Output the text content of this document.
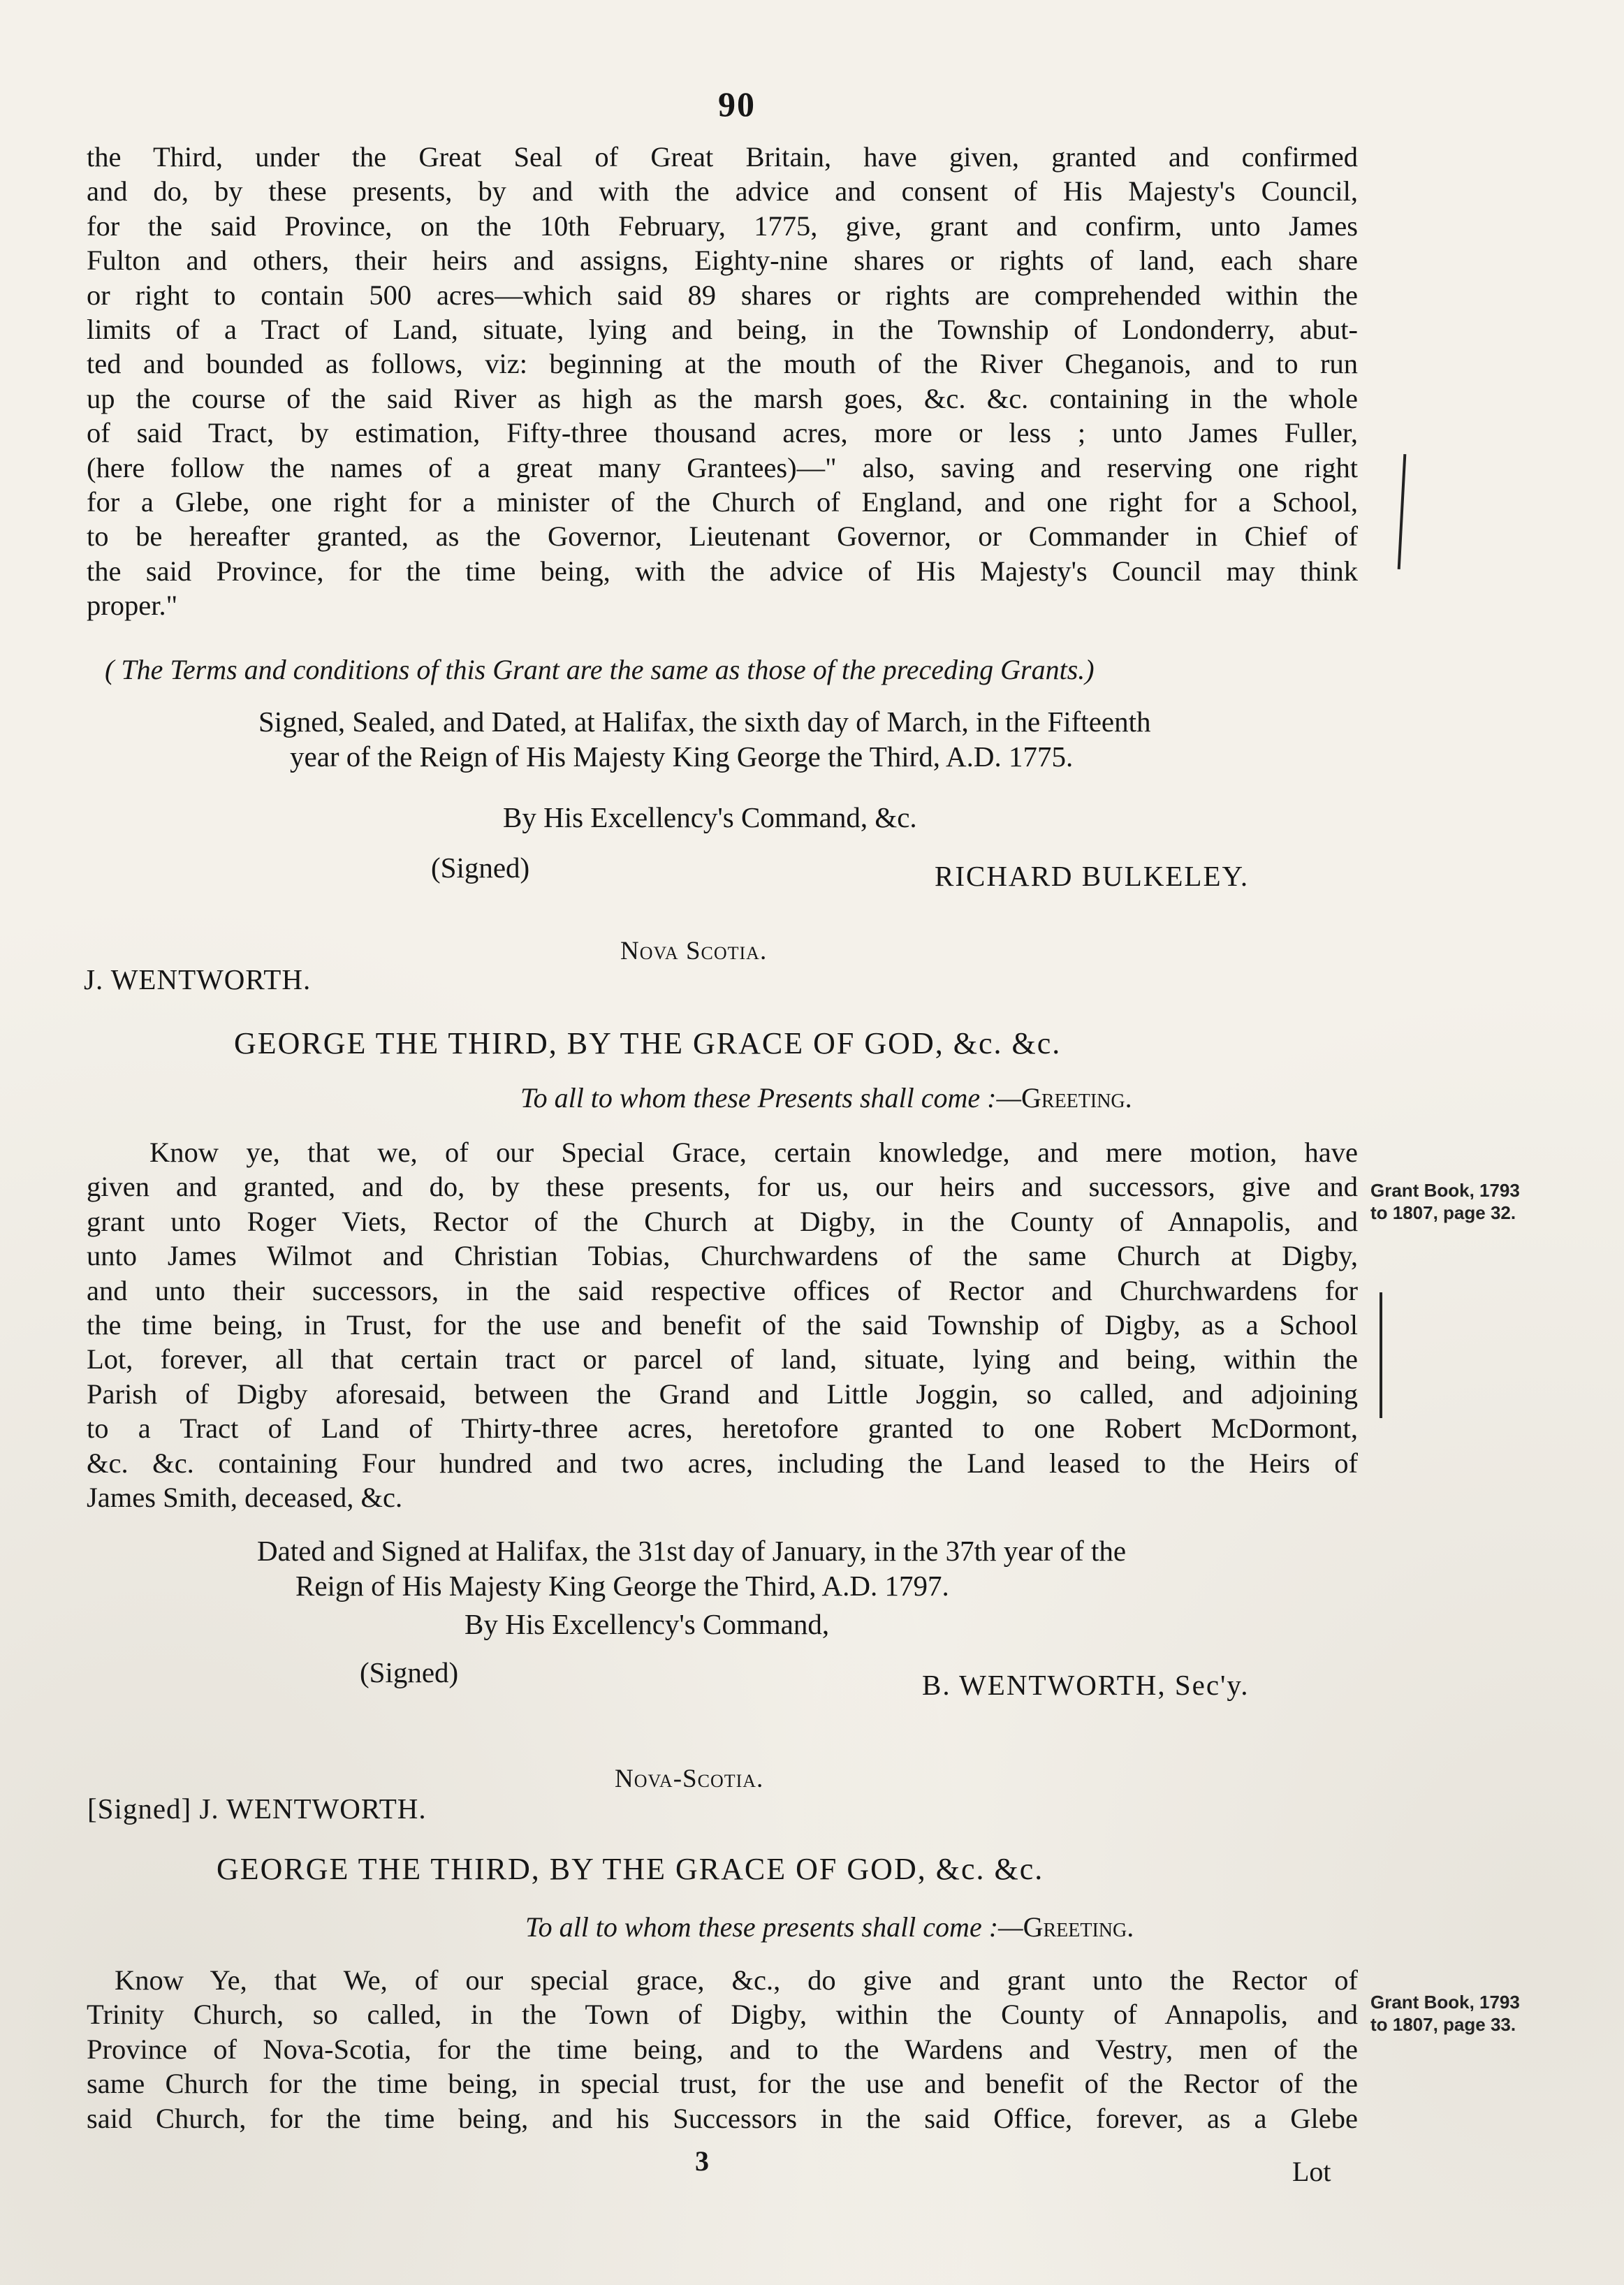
90
the Third, under the Great Seal of Great Britain, have given, granted and confirmed
and do, by these presents, by and with the advice and consent of His Majesty's Council,
for the said Province, on the 10th February, 1775, give, grant and confirm, unto James
Fulton and others, their heirs and assigns, Eighty-nine shares or rights of land, each share
or right to contain 500 acres—which said 89 shares or rights are comprehended within the
limits of a Tract of Land, situate, lying and being, in the Township of Londonderry, abut-
ted and bounded as follows, viz: beginning at the mouth of the River Cheganois, and to run
up the course of the said River as high as the marsh goes, &c. &c. containing in the whole
of said Tract, by estimation, Fifty-three thousand acres, more or less ; unto James Fuller,
(here follow the names of a great many Grantees)—" also, saving and reserving one right
for a Glebe, one right for a minister of the Church of England, and one right for a School,
to be hereafter granted, as the Governor, Lieutenant Governor, or Commander in Chief of
the said Province, for the time being, with the advice of His Majesty's Council may think
proper."
( The Terms and conditions of this Grant are the same as those of the preceding Grants.)
Signed, Sealed, and Dated, at Halifax, the sixth day of March, in the Fifteenth
year of the Reign of His Majesty King George the Third, A.D. 1775.
By His Excellency's Command, &c.
(Signed)	RICHARD BULKELEY.
Nova Scotia.
J. WENTWORTH.
GEORGE THE THIRD, BY THE GRACE OF GOD, &c. &c.
To all to whom these Presents shall come :—Greeting.
Know ye, that we, of our Special Grace, certain knowledge, and mere motion, have
given and granted, and do, by these presents, for us, our heirs and successors, give and
grant unto Roger Viets, Rector of the Church at Digby, in the County of Annapolis, and
unto James Wilmot and Christian Tobias, Churchwardens of the same Church at Digby,
and unto their successors, in the said respective offices of Rector and Churchwardens for
the time being, in Trust, for the use and benefit of the said Township of Digby, as a School
Lot, forever, all that certain tract or parcel of land, situate, lying and being, within the
Parish of Digby aforesaid, between the Grand and Little Joggin, so called, and adjoining
to a Tract of Land of Thirty-three acres, heretofore granted to one Robert McDormont,
&c. &c. containing Four hundred and two acres, including the Land leased to the Heirs of
James Smith, deceased, &c.
Grant Book, 1793
to 1807, page 32.
Dated and Signed at Halifax, the 31st day of January, in the 37th year of the
Reign of His Majesty King George the Third, A.D. 1797.
By His Excellency's Command,
(Signed)	B. WENTWORTH, Sec'y.
Nova-Scotia.
[Signed] J. WENTWORTH.
GEORGE THE THIRD, BY THE GRACE OF GOD, &c. &c.
To all to whom these presents shall come :—Greeting.
Know Ye, that We, of our special grace, &c., do give and grant unto the Rector of
Trinity Church, so called, in the Town of Digby, within the County of Annapolis, and
Province of Nova-Scotia, for the time being, and to the Wardens and Vestry, men of the
same Church for the time being, in special trust, for the use and benefit of the Rector of the
said Church, for the time being, and his Successors in the said Office, forever, as a Glebe
Grant Book, 1793
to 1807, page 33.
3	Lot
